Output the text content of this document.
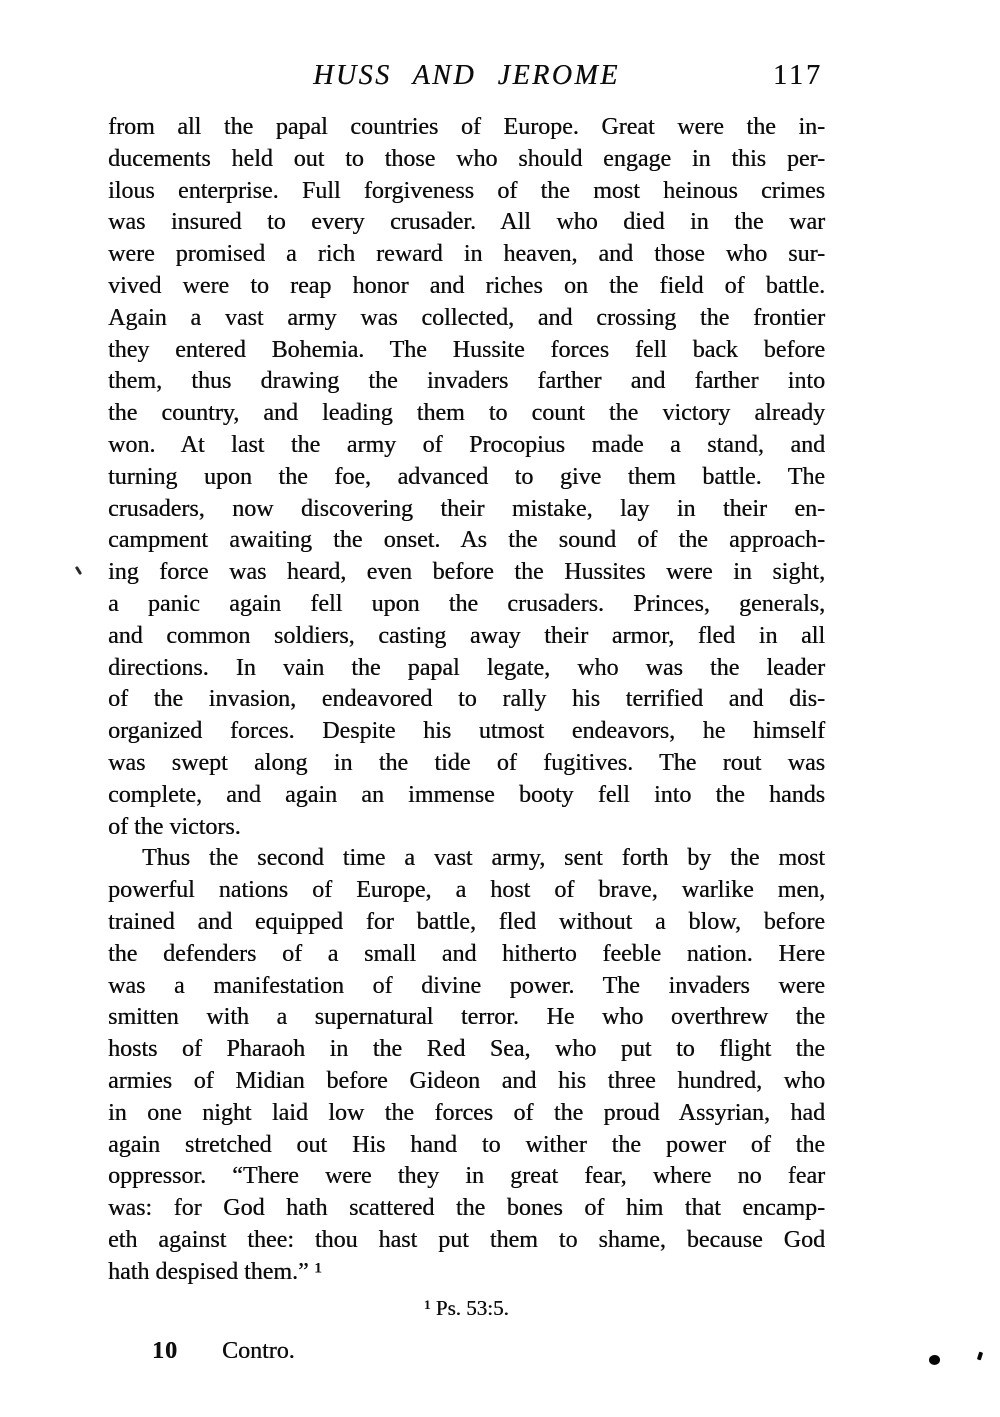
HUSS AND JEROME	117
from all the papal countries of Europe. Great were the in-
ducements held out to those who should engage in this per-
ilous enterprise. Full forgiveness of the most heinous crimes
was insured to every crusader. All who died in the war
were promised a rich reward in heaven, and those who sur-
vived were to reap honor and riches on the field of battle.
Again a vast army was collected, and crossing the frontier
they entered Bohemia. The Hussite forces fell back before
them, thus drawing the invaders farther and farther into
the country, and leading them to count the victory already
won. At last the army of Procopius made a stand, and
turning upon the foe, advanced to give them battle. The
crusaders, now discovering their mistake, lay in their en-
campment awaiting the onset. As the sound of the approach-
ing force was heard, even before the Hussites were in sight,
a panic again fell upon the crusaders. Princes, generals,
and common soldiers, casting away their armor, fled in all
directions. In vain the papal legate, who was the leader
of the invasion, endeavored to rally his terrified and dis-
organized forces. Despite his utmost endeavors, he himself
was swept along in the tide of fugitives. The rout was
complete, and again an immense booty fell into the hands
of the victors.
Thus the second time a vast army, sent forth by the most
powerful nations of Europe, a host of brave, warlike men,
trained and equipped for battle, fled without a blow, before
the defenders of a small and hitherto feeble nation. Here
was a manifestation of divine power. The invaders were
smitten with a supernatural terror. He who overthrew the
hosts of Pharaoh in the Red Sea, who put to flight the
armies of Midian before Gideon and his three hundred, who
in one night laid low the forces of the proud Assyrian, had
again stretched out His hand to wither the power of the
oppressor. “There were they in great fear, where no fear
was: for God hath scattered the bones of him that encamp-
eth against thee: thou hast put them to shame, because God
hath despised them.” ¹
¹ Ps. 53:5.
10 Contro.
